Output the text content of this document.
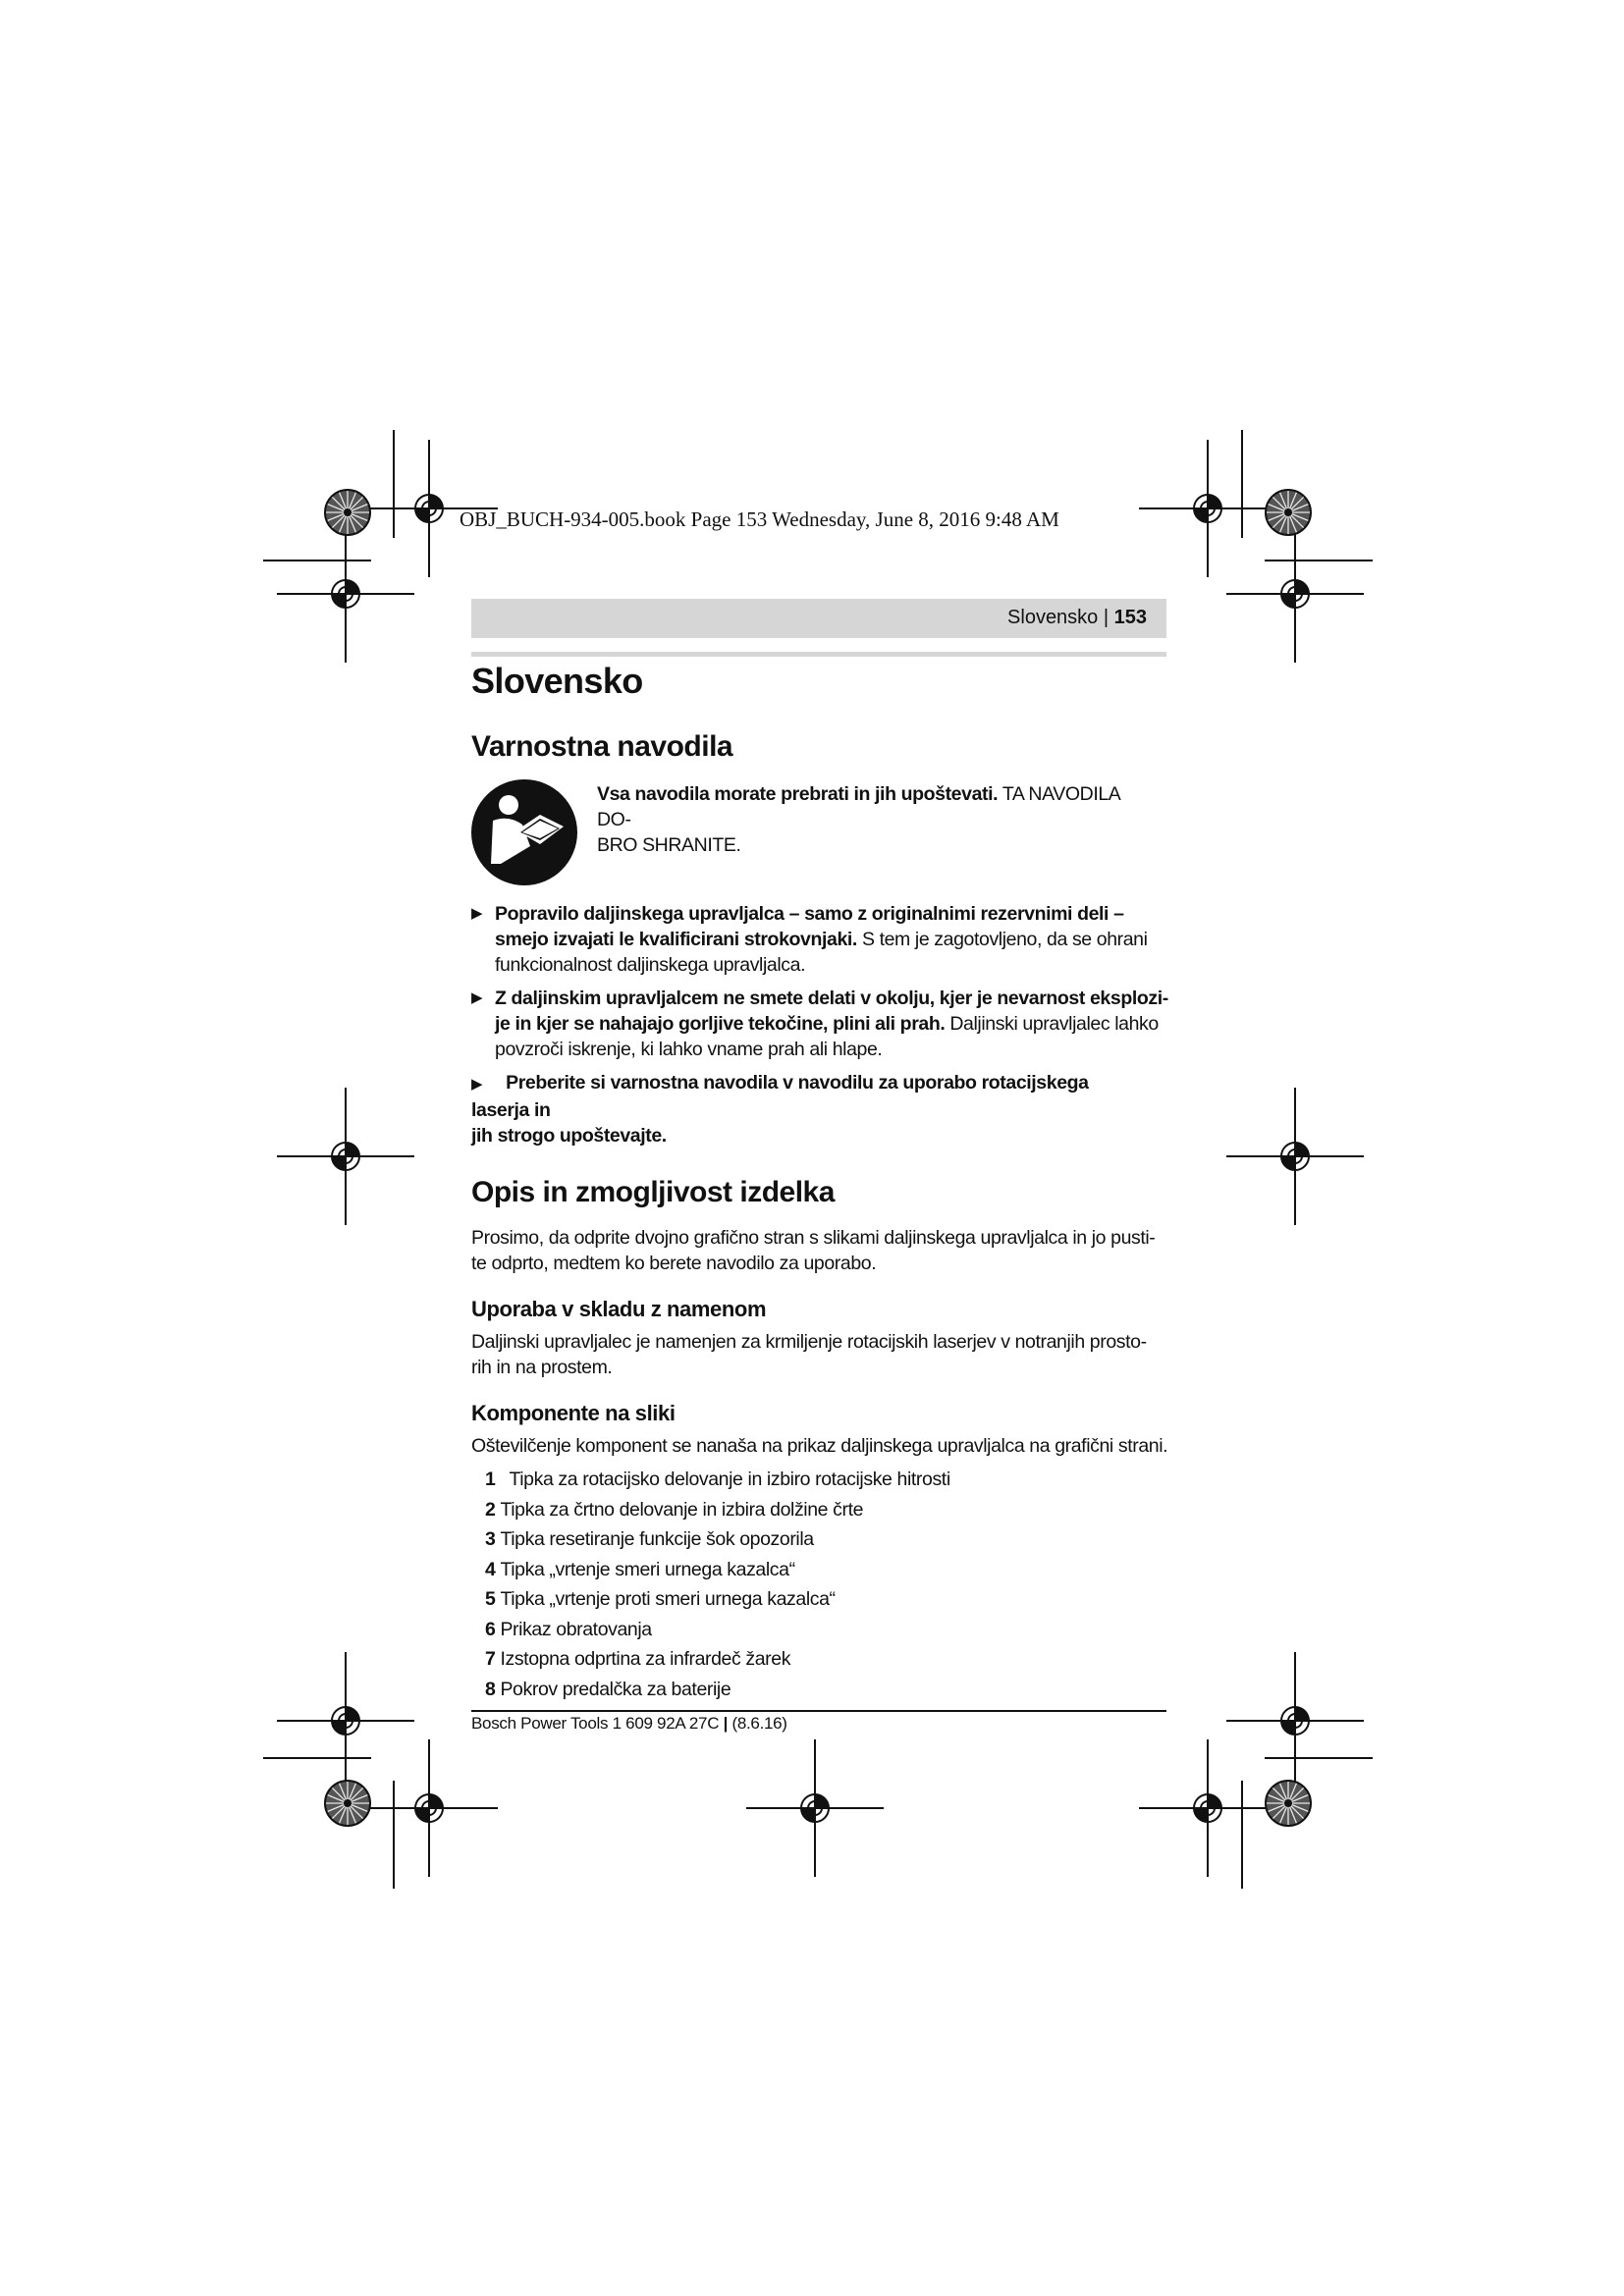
OBJ_BUCH-934-005.book Page 153 Wednesday, June 8, 2016 9:48 AM
Slovensko | 153
Slovensko
Varnostna navodila

Vsa navodila morate prebrati in jih upoštevati. TA NAVODILA DO-
BRO SHRANITE.

▶ Popravilo daljinskega upravljalca – samo z originalnimi rezervnimi deli –
smejo izvajati le kvalificirani strokovnjaki. S tem je zagotovljeno, da se ohrani
funkcionalnost daljinskega upravljalca.
▶ Z daljinskim upravljalcem ne smete delati v okolju, kjer je nevarnost eksplozi-
je in kjer se nahajajo gorljive tekočine, plini ali prah. Daljinski upravljalec lahko
povzroči iskrenje, ki lahko vname prah ali hlape.
▶ Preberite si varnostna navodila v navodilu za uporabo rotacijskega laserja in
jih strogo upoštevajte.
Opis in zmogljivost izdelka

Prosimo, da odprite dvojno grafično stran s slikami daljinskega upravljalca in jo pusti-
te odprto, medtem ko berete navodilo za uporabo.

Uporaba v skladu z namenom

Daljinski upravljalec je namenjen za krmiljenje rotacijskih laserjev v notranjih prosto-
rih in na prostem.

Komponente na sliki

Oštevilčenje komponent se nanaša na prikaz daljinskega upravljalca na grafični strani.

1 Tipka za rotacijsko delovanje in izbiro rotacijske hitrosti
2 Tipka za črtno delovanje in izbira dolžine črte
3 Tipka resetiranje funkcije šok opozorila
4 Tipka „vrtenje smeri urnega kazalca“
5 Tipka „vrtenje proti smeri urnega kazalca“
6 Prikaz obratovanja
7 Izstopna odprtina za infrardeč žarek
8 Pokrov predalčka za baterije
Bosch Power Tools 1 609 92A 27C | (8.6.16)
